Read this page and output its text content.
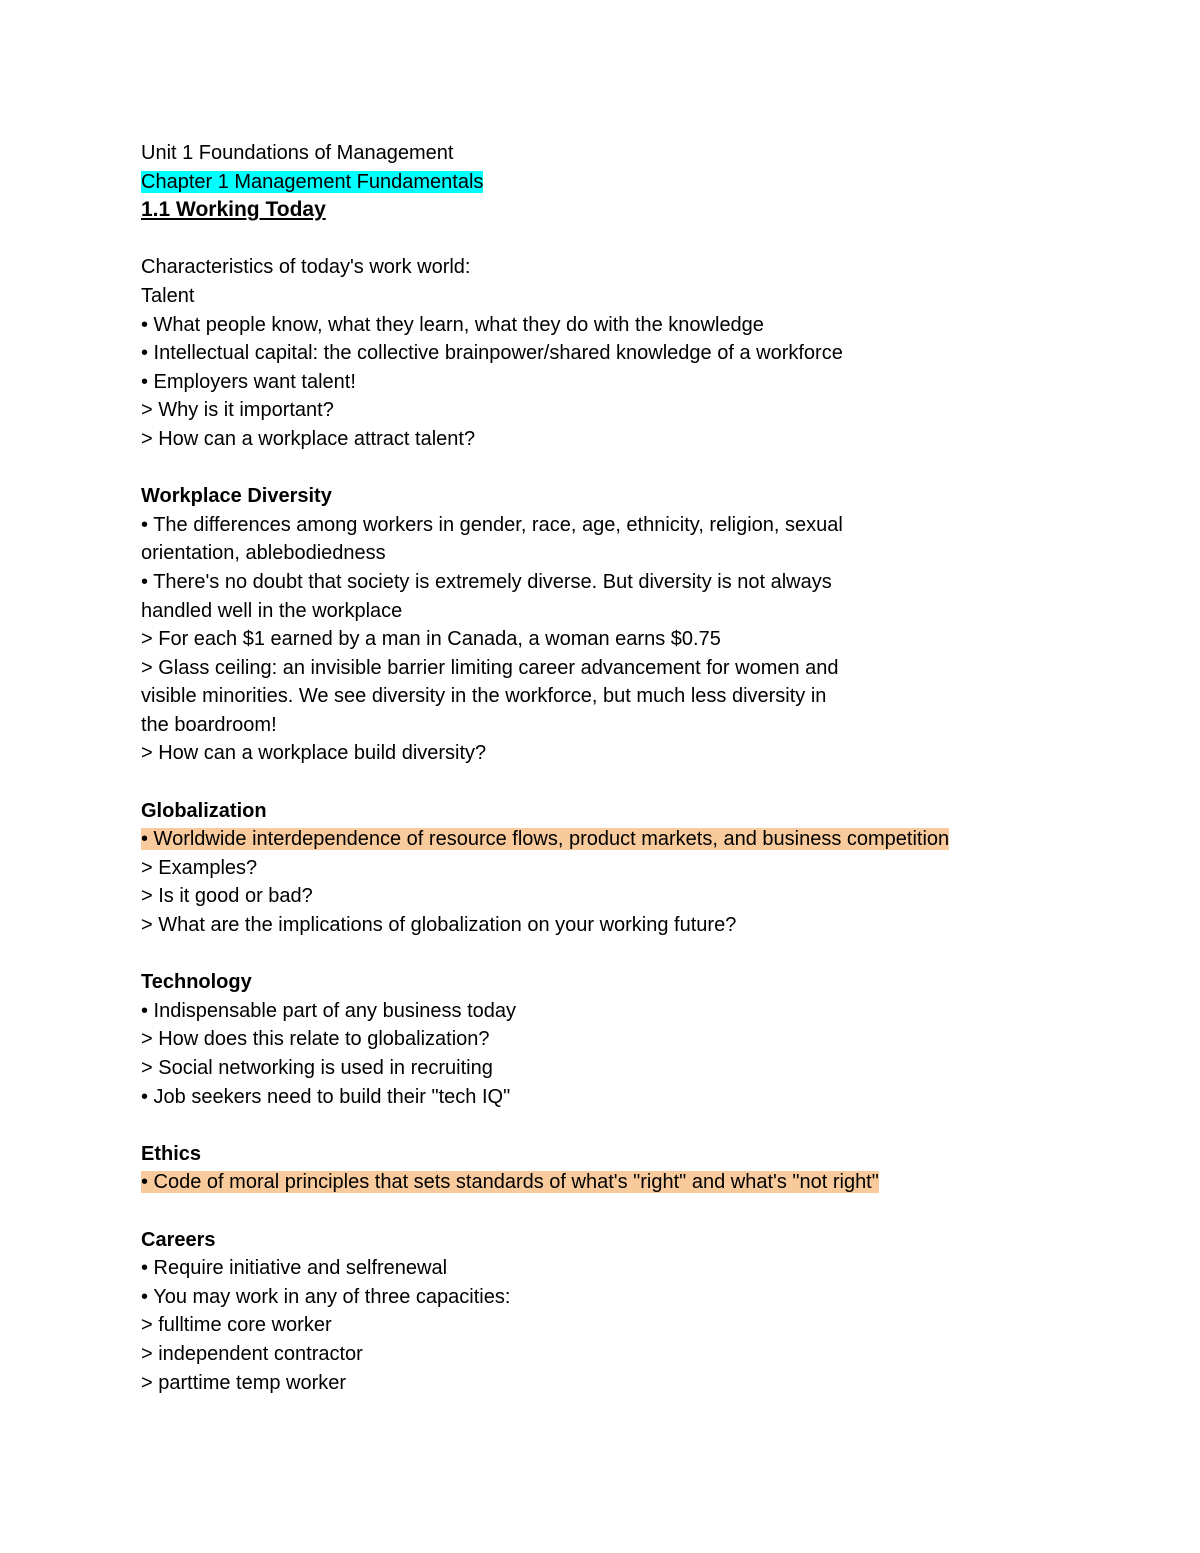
Unit 1 Foundations of Management
Chapter 1 Management Fundamentals
1.1 Working Today
Characteristics of today's work world:
Talent
• What people know, what they learn, what they do with the knowledge
• Intellectual capital: the collective brainpower/shared knowledge of a workforce
• Employers want talent!
> Why is it important?
> How can a workplace attract talent?
Workplace Diversity
• The differences among workers in gender, race, age, ethnicity, religion, sexual
orientation, ablebodiedness
• There's no doubt that society is extremely diverse. But diversity is not always
handled well in the workplace
> For each $1 earned by a man in Canada, a woman earns $0.75
> Glass ceiling: an invisible barrier limiting career advancement for women and
visible minorities. We see diversity in the workforce, but much less diversity in
the boardroom!
> How can a workplace build diversity?
Globalization
• Worldwide interdependence of resource flows, product markets, and business competition
> Examples?
> Is it good or bad?
> What are the implications of globalization on your working future?
Technology
• Indispensable part of any business today
> How does this relate to globalization?
> Social networking is used in recruiting
• Job seekers need to build their "tech IQ"
Ethics
• Code of moral principles that sets standards of what's "right" and what's "not right"
Careers
• Require initiative and selfrenewal
• You may work in any of three capacities:
> fulltime core worker
> independent contractor
> parttime temp worker
